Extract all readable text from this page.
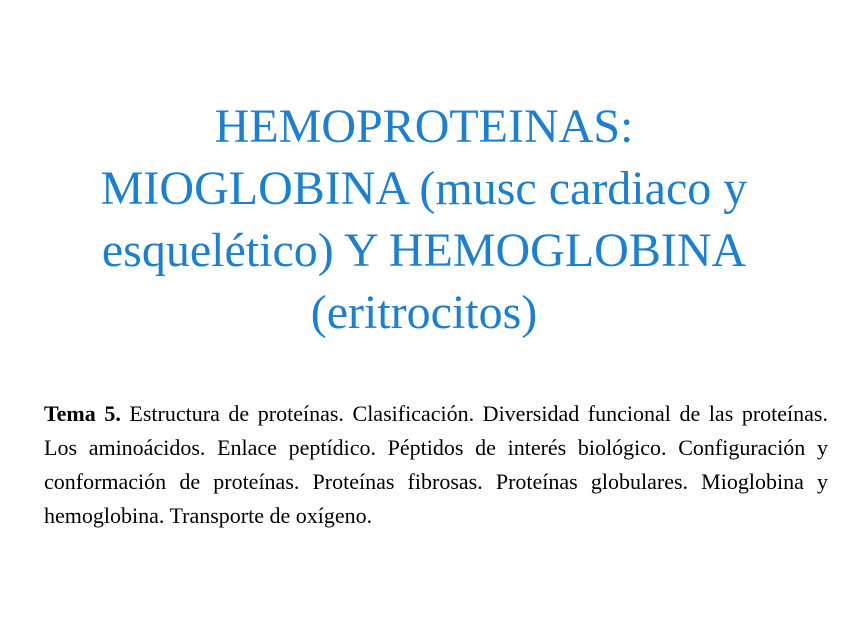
HEMOPROTEINAS:
MIOGLOBINA (musc cardiaco y
esquelético) Y HEMOGLOBINA
(eritrocitos)

Tema 5. Estructura de proteínas. Clasificación. Diversidad funcional de las proteínas. Los aminoácidos. Enlace peptídico. Péptidos de interés biológico. Configuración y conformación de proteínas. Proteínas fibrosas. Proteínas globulares. Mioglobina y hemoglobina. Transporte de oxígeno.
